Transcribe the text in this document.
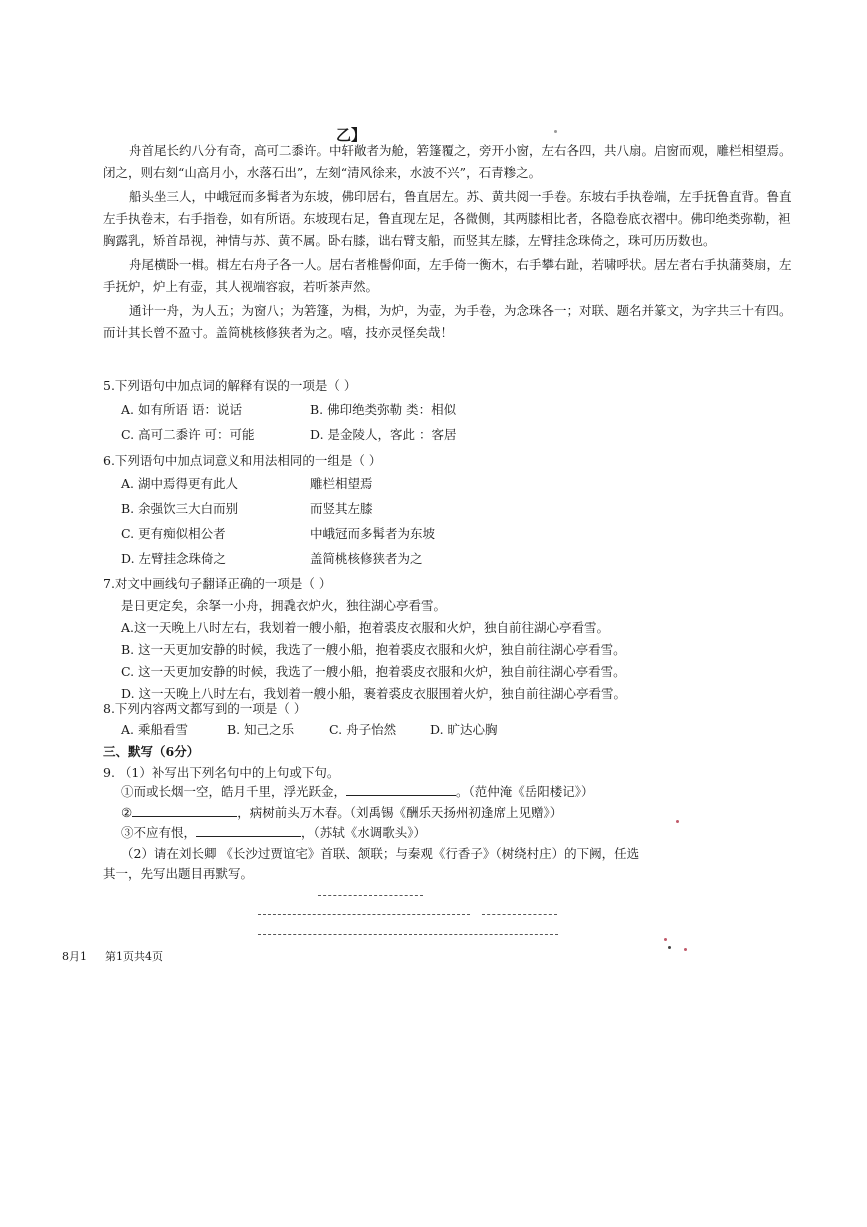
乙】

舟首尾长约八分有奇，高可二黍许。中轩敞者为舱，箬篷覆之，旁开小窗，左右各四，共八扇。启窗而观，雕栏相望焉。闭之，则右刻“山高月小，水落石出”，左刻“清风徐来，水波不兴”，石青糁之。

船头坐三人，中峨冠而多髯者为东坡，佛印居右，鲁直居左。苏、黄共阅一手卷。东坡右手执卷端，左手抚鲁直背。鲁直左手执卷末，右手指卷，如有所语。东坡现右足，鲁直现左足，各微侧，其两膝相比者，各隐卷底衣褶中。佛印绝类弥勒，袒胸露乳，矫首昂视，神情与苏、黄不属。卧右膝，诎右臂支船，而竖其左膝，左臂挂念珠倚之，珠可历历数也。

舟尾横卧一楫。楫左右舟子各一人。居右者椎髻仰面，左手倚一衡木，右手攀右趾，若啸呼状。居左者右手执蒲葵扇，左手抚炉，炉上有壶，其人视端容寂，若听茶声然。

通计一舟，为人五；为窗八；为箬篷，为楫，为炉，为壶，为手卷，为念珠各一；对联、题名并篆文，为字共三十有四。而计其长曾不盈寸。盖简桃核修狭者为之。嘻，技亦灵怪矣哉！

5.下列语句中加点词的解释有误的一项是（ ）
A. 如有所语 语：说话	B. 佛印绝类弥勒 类：相似
C. 高可二黍许 可：可能	D. 是金陵人，客此 ：客居
6.下列语句中加点词意义和用法相同的一组是（ ）
A. 湖中焉得更有此人	雕栏相望焉
B. 余强饮三大白而别	而竖其左膝
C. 更有痴似相公者	中峨冠而多髯者为东坡
D. 左臂挂念珠倚之	盖简桃核修狭者为之
7.对文中画线句子翻译正确的一项是（ ）
是日更定矣，余拏一小舟，拥毳衣炉火，独往湖心亭看雪。
A.这一天晚上八时左右，我划着一艘小船，抱着裘皮衣服和火炉，独自前往湖心亭看雪。
B. 这一天更加安静的时候，我选了一艘小船，抱着裘皮衣服和火炉，独自前往湖心亭看雪。
C. 这一天更加安静的时候，我选了一艘小船，抱着裘皮衣服和火炉，独自前往湖心亭看雪。
D. 这一天晚上八时左右，我划着一艘小船，裹着裘皮衣服围着火炉，独自前往湖心亭看雪。
8.下列内容两文都写到的一项是（ ）
A. 乘船看雪	B. 知己之乐	C. 舟子怡然	D. 旷达心胸
三、默写（6分）
9. （1）补写出下列名句中的上句或下句。
①而或长烟一空，皓月千里，浮光跃金，	。（范仲淹《岳阳楼记》）
②	，病树前头万木春。（刘禹锡《酬乐天扬州初逢席上见赠》）
③不应有恨，	，（苏轼《水调歌头》）
（2）请在刘长卿 《长沙过贾谊宅》首联、颔联；与秦观《行香子》（树绕村庄）的下阙，任选
其一，先写出题目再默写。
8月1 第1页共4页
